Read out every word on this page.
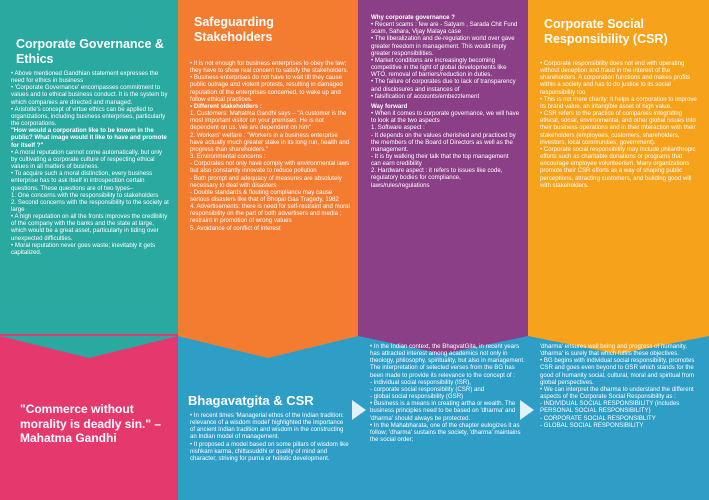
Corporate Governance & Ethics

• Above mentioned Gandhian statement expresses the need for ethics in business

• 'Corporate Governance' encompasses commitment to values and to ethical business conduct. It is the system by which companies are directed and managed.

• Aristotle's concept of virtue ethics can be applied to organizations, including business enterprises, particularly the corporations.

"How would a corporation like to be known in the public? What image would it like to have and promote for itself ?"

• A moral reputation cannot come automatically, but only by cultivating a corporate culture of respecting ethical values in all matters of business.

• To acquire such a moral distinction, every business enterprise has to ask itself in introspection certain questions. These questions are of two types–

1. One concerns with the responsibility to stakeholders

2. Second concerns with the responsibility to the society at large

• A high reputation on all the fronts improves the credibility of the company with the banks and the state at large, which would be a great asset, particularly in tiding over unexpected difficulties.

• Moral reputation never goes waste; inevitably it gets capitalized.

Safeguarding Stakeholders

• It is not enough for business enterprises to obey the law; they have to show real concern to satisfy the stakeholders.

• Business enterprises do not have to wait till they cause public outrage and violent protests, resulting in damaged reputation of the enterprises concerned, to wake up and follow ethical practices.

• Different stakeholders :

1. Customers: Mahatma Gandhi says – "A customer is the most important visitor on your premises. He is not dependent on us. We are dependent on him"

2. Workers' welfare : "Workers in a business enterprise have actually much greater stake in its long run, health and progress than shareholders."

3. Environmental concerns :

- Corporates not only have comply with environmental laws but also constantly innovate to reduce pollution

- Both prompt and adequacy of measures are absolutely necessary to deal with disasters

- Double standards & flouting compliance may cause serious disasters like that of Bhopal Gas Tragedy, 1982

4. Advertisements: there is need for self-restraint and moral responsibility on the part of both advertisers and media ; restraint in promotion of wrong values

5. Avoidance of conflict of interest

Why corporate governance ?

• Recent scams : few are - Satyam , Sarada Chit Fund scam, Sahara, Vijay Malaya case

• The liberalization and de-regulation world over gave greater freedom in management. This would imply greater responsibilities.

• Market conditions are increasingly becoming competitive in the light of global developments like WTO, removal of barriers/reduction in duties.

• The failure of corporates due to lack of transparency and disclosures and instances of

• falsification of accounts/embezzlement

Way forward

• When it comes to corporate governance, we will have to look at the two aspects

1. Software aspect :

- It depends on the values cherished and practiced by the members of the Board of Directors as well as the management.

- It is by walking their talk that the top management can earn credibility

2. Hardware aspect : it refers to issues like code, regulatory bodies for compliance, laws/rules/regulations

Corporate Social Responsibility (CSR)

• Corporate responsibility does not end with operating without deception and fraud in the interest of the shareholders. A corporation functions and makes profits within a society and has to do justice to its social responsibility too

• This is not mere charity: it helps a corporation to improve its brand value, an intangible asset of high value.

• CSR refers to the practice of companies integrating ethical, social, environmental, and other global issues into their business operations and in their interaction with their stakeholders (employees, customers, shareholders, investors, local communities, government).

• Corporate social responsibility may include philanthropic efforts such as charitable donations or programs that encourage employee volunteerism. Many organizations promote their CSR efforts as a way of shaping public perceptions, attracting customers, and building good will with stakeholders.

"Commerce without morality is deadly sin." – Mahatma Gandhi
Bhagavatgita & CSR

• In recent times 'Managerial ethos of the Indian tradition: relevance of a wisdom model' highlighted the importance of ancient Indian tradition and wisdom in the constructing an Indian model of management.

• It proposed a model based on some pillars of wisdom like nishkam karma, chittasuddhi or quality of mind and character, striving for purna or holistic development.

• In the Indian context, the BhagvatGita, in recent years has attracted interest among academics not only in theology, philosophy, spirituality, but also in management. The interpretation of selected verses from the BG has been made to provide its relevance to the concept of :

- individual social responsibility (ISR),

- corporate social responsibility (CSR) and

- global social responsibility (GSR)

• Business is a means in creating artha or wealth. The business principles need to be based on 'dharma' and 'dharma' should always be protected.

• In the Mahabharata, one of the chapter eulogizes it as follow; 'dharma' sustains the society, 'dharma' maintains the social order;

'dharma' ensures well being and progress of humanity, 'dharma' is surely that which fulfils these objectives.

• BG begins with individual social responsibility, promotes CSR and goes even beyond to GSR which stands for the good of humanity social, cultural, moral and spiritual from global perspectives.

• We can interpret the dharma to understand the different aspects of the Corporate Social Responsibility as :

- INDIVIDUAL SOCIAL RESPONSIBILITY (includes PERSONAL SOCIAL RESPONSIBILITY)

- CORPORATE SOCIAL RESPONSIBLITY

- GLOBAL SOCIAL RESPONSIBILITY
